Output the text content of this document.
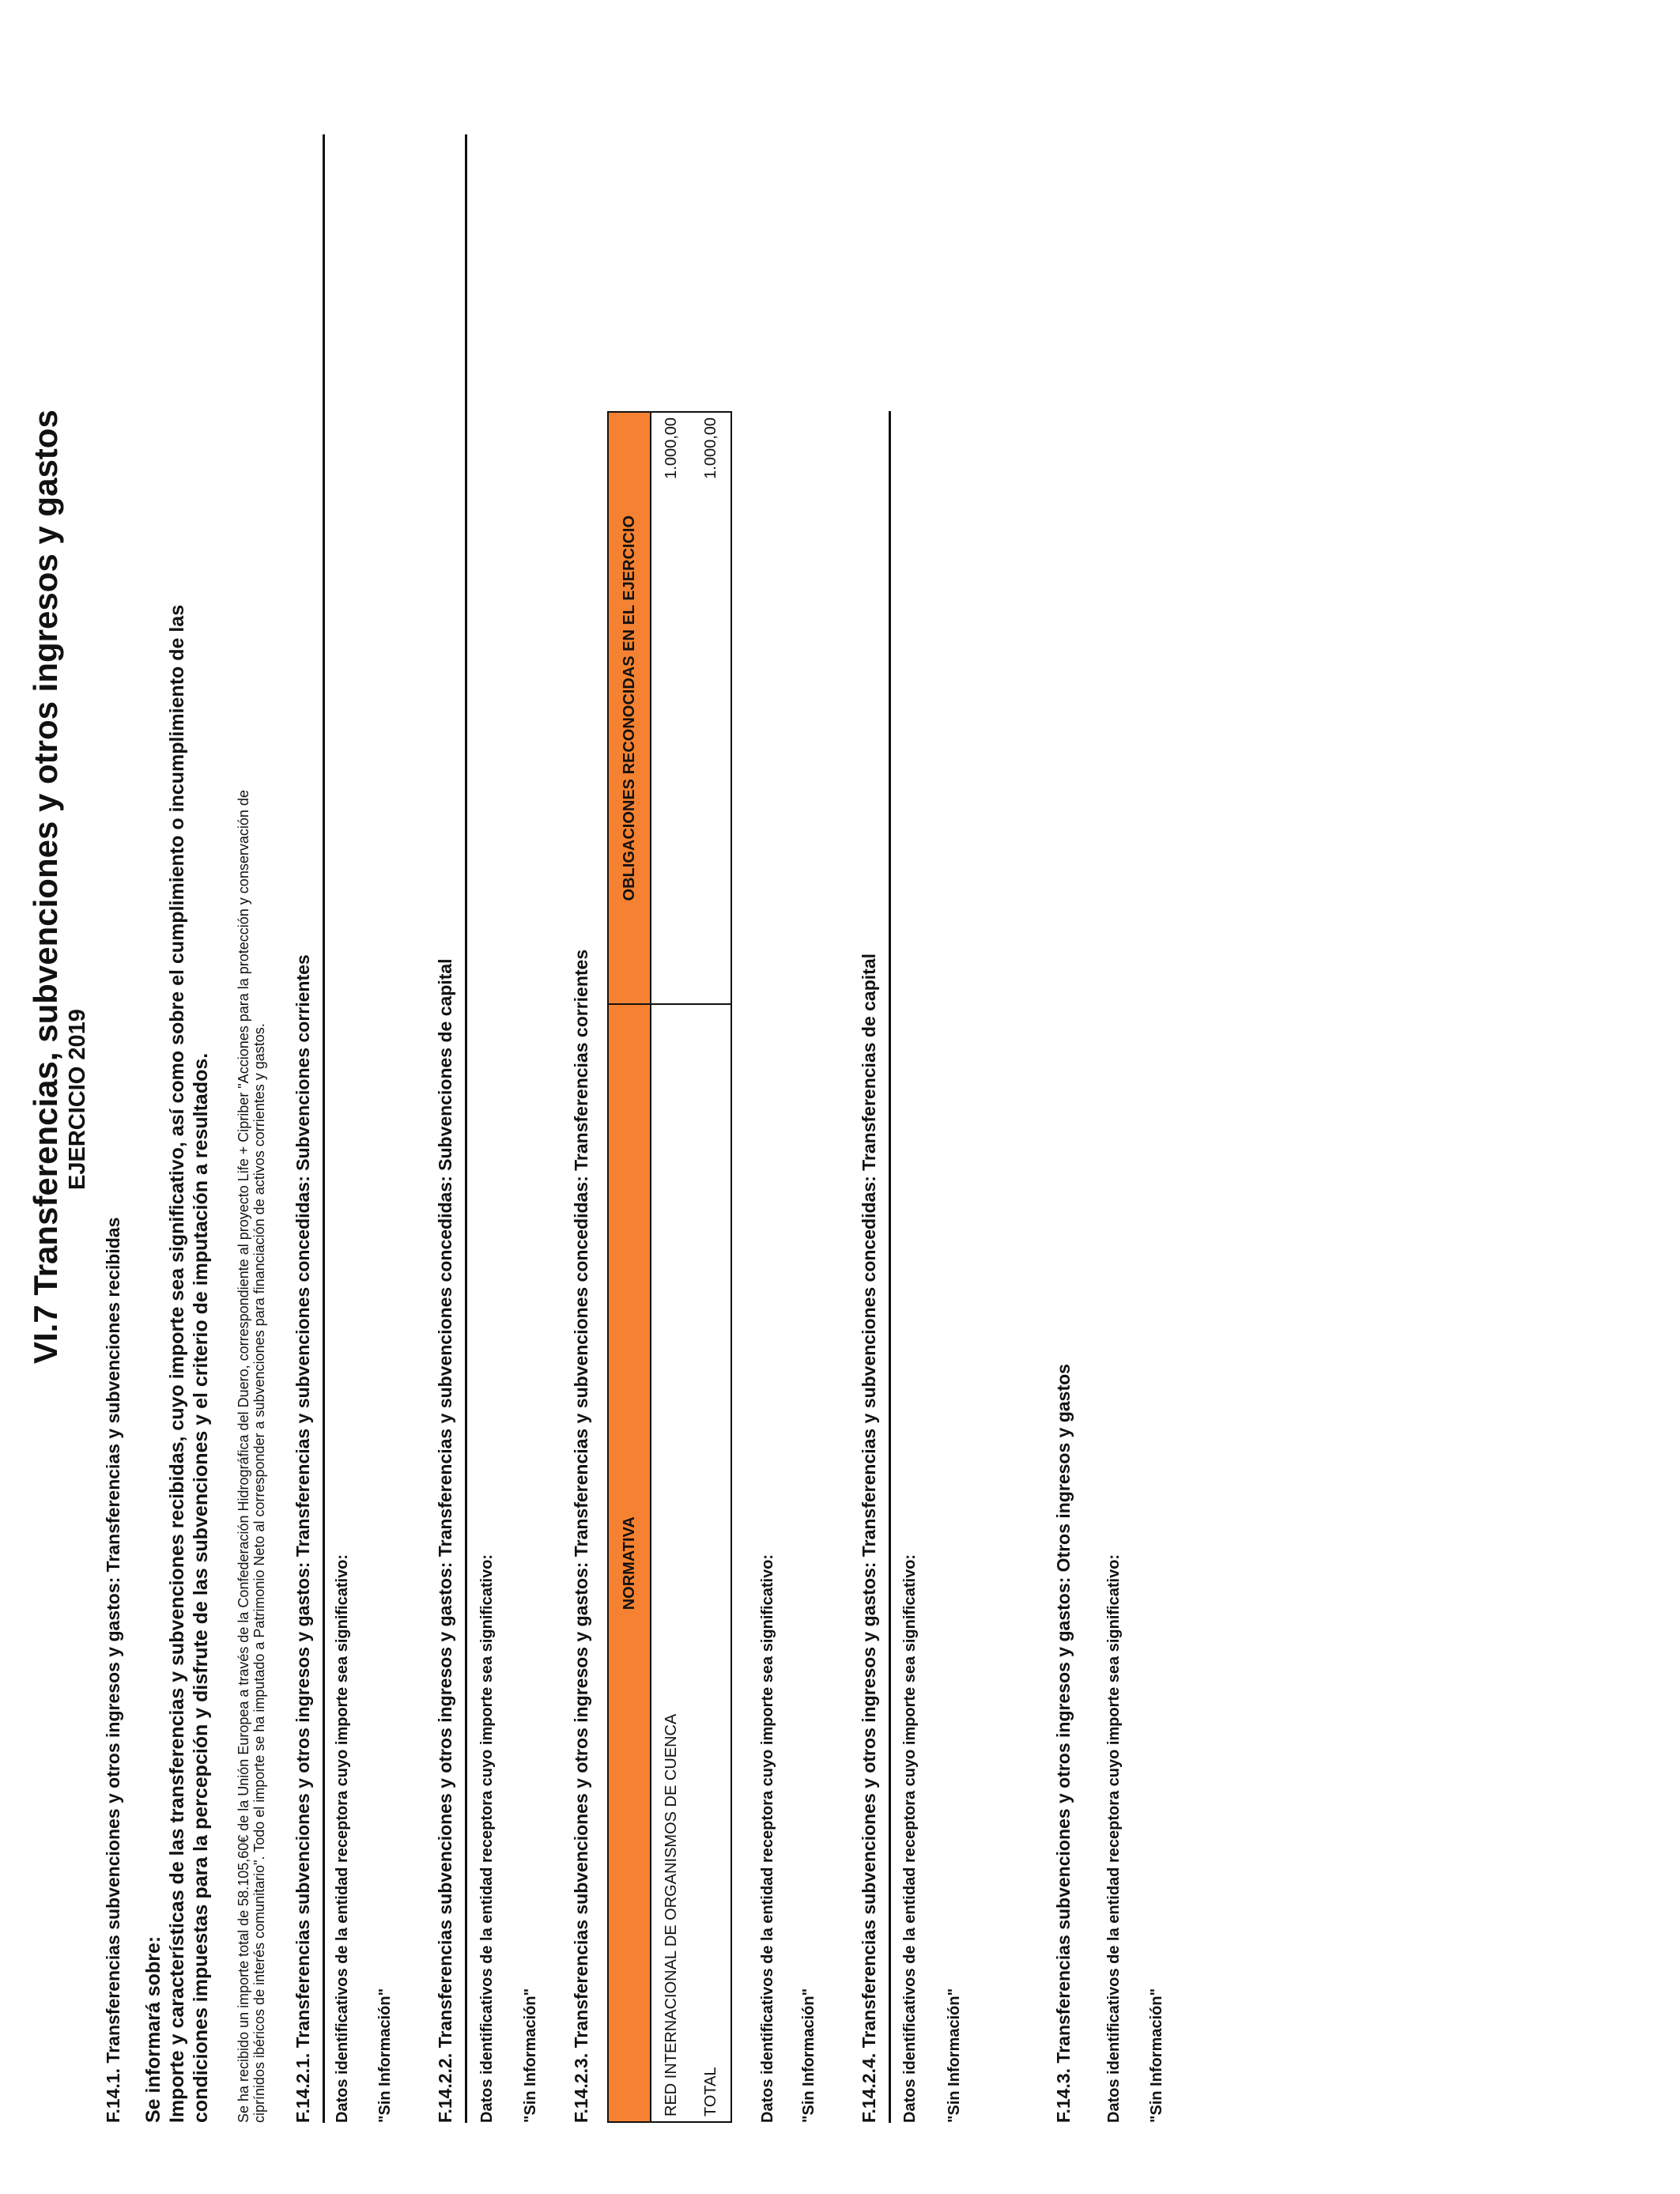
VI.7 Transferencias, subvenciones y otros ingresos y gastos EJERCICIO 2019
F.14.1. Transferencias subvenciones y otros ingresos y gastos: Transferencias y subvenciones recibidas Se informará sobre: Importe y características de las transferencias y subvenciones recibidas, cuyo importe sea significativo, así como sobre el cumplimiento o incumplimiento de las condiciones impuestas para la percepción y disfrute de las subvenciones y el criterio de imputación a resultados. Se ha recibido un importe total de 58.105,60€ de la Unión Europea a través de la Confederación Hidrográfica del Duero, correspondiente al proyecto Life + Cipriber "Acciones para la protección y conservación de ciprínidos ibéricos de interés comunitario". Todo el importe se ha imputado a Patrimonio Neto al corresponder a subvenciones para financiación de activos corrientes y gastos. F.14.2.1. Transferencias subvenciones y otros ingresos y gastos: Transferencias y subvenciones concedidas: Subvenciones corrientes Datos identificativos de la entidad receptora cuyo importe sea significativo: "Sin Información" F.14.2.2. Transferencias subvenciones y otros ingresos y gastos: Transferencias y subvenciones concedidas: Subvenciones de capital Datos identificativos de la entidad receptora cuyo importe sea significativo: "Sin Información" F.14.2.3. Transferencias subvenciones y otros ingresos y gastos: Transferencias y subvenciones concedidas: Transferencias corrientes NORMATIVA	OBLIGACIONES RECONOCIDAS EN EL EJERCICIO
RED INTERNACIONAL DE ORGANISMOS DE CUENCA	1.000,00
TOTAL	1.000,00
Datos identificativos de la entidad receptora cuyo importe sea significativo: "Sin Información" F.14.2.4. Transferencias subvenciones y otros ingresos y gastos: Transferencias y subvenciones concedidas: Transferencias de capital Datos identificativos de la entidad receptora cuyo importe sea significativo: "Sin Información"	F.14.3. Transferencias subvenciones y otros ingresos y gastos: Otros ingresos y gastos Datos identificativos de la entidad receptora cuyo importe sea significativo: "Sin Información"
